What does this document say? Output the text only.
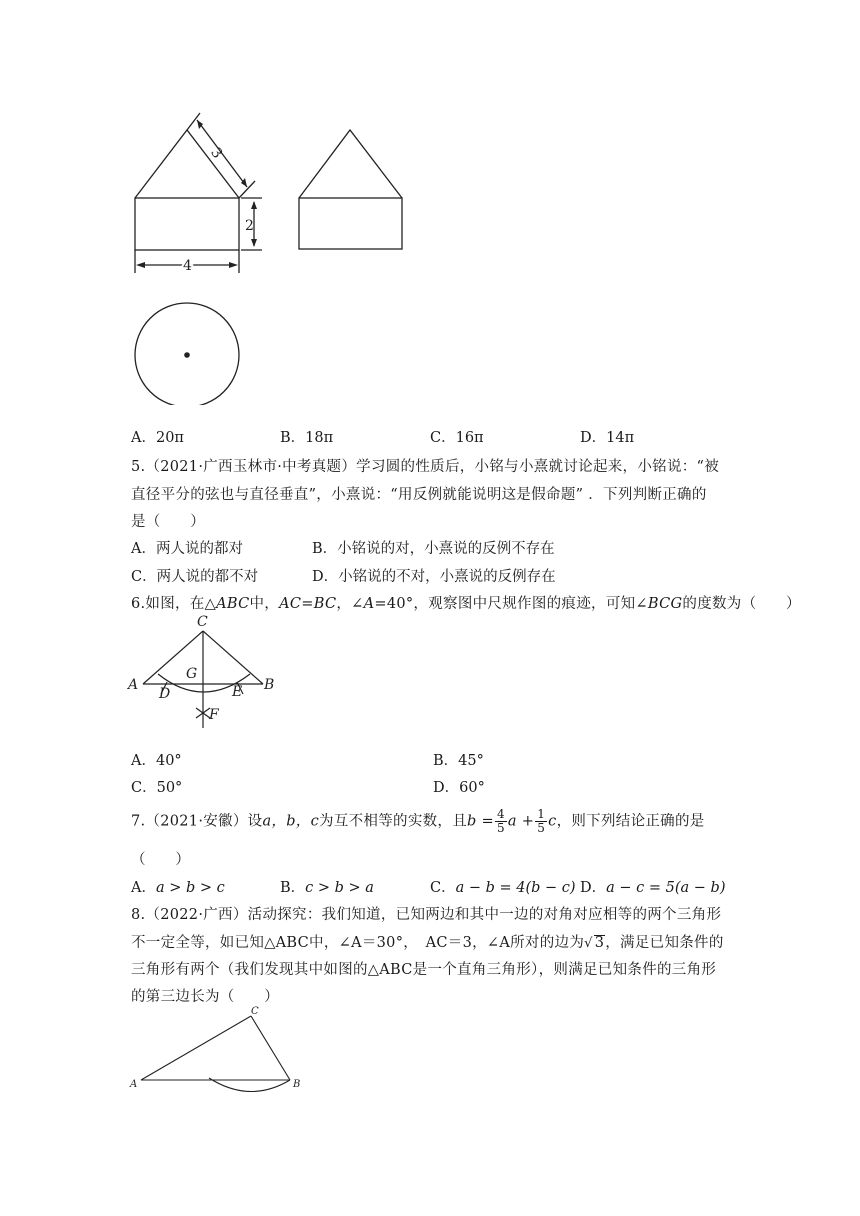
3
2
4
A．20π	B．18π	C．16π	D．14π
5.（2021·广西玉林市·中考真题）学习圆的性质后，小铭与小熹就讨论起来，小铭说：“被
直径平分的弦也与直径垂直”，小熹说：“用反例就能说明这是假命题” ．下列判断正确的
是（　　）
A．两人说的都对	B．小铭说的对，小熹说的反例不存在
C．两人说的都不对	D．小铭说的不对，小熹说的反例存在
6.如图，在△ABC中，AC=BC，∠A=40°，观察图中尺规作图的痕迹，可知∠BCG的度数为（　　）
C
A	B
G
D	E
F
A．40°	B．45°
C．50°	D．60°
7.（2021·安徽）设a，b，c为互不相等的实数，且$b = \frac{4}{5}$ $a + \frac{1}{5}$ c，则下列结论正确的是
（　　）
A．a > b > c	B．c > b > a	C．a − b = 4(b − c) D．a − c = 5(a − b)
8.（2022·广西）活动探究：我们知道，已知两边和其中一边的对角对应相等的两个三角形
不一定全等，如已知△ABC中，∠A＝30°，　AC＝3，∠A所对的边为√ 3，满足已知条件的
三角形有两个（我们发现其中如图的△ABC是一个直角三角形），则满足已知条件的三角形
的第三边长为（　　）
A
C
B
